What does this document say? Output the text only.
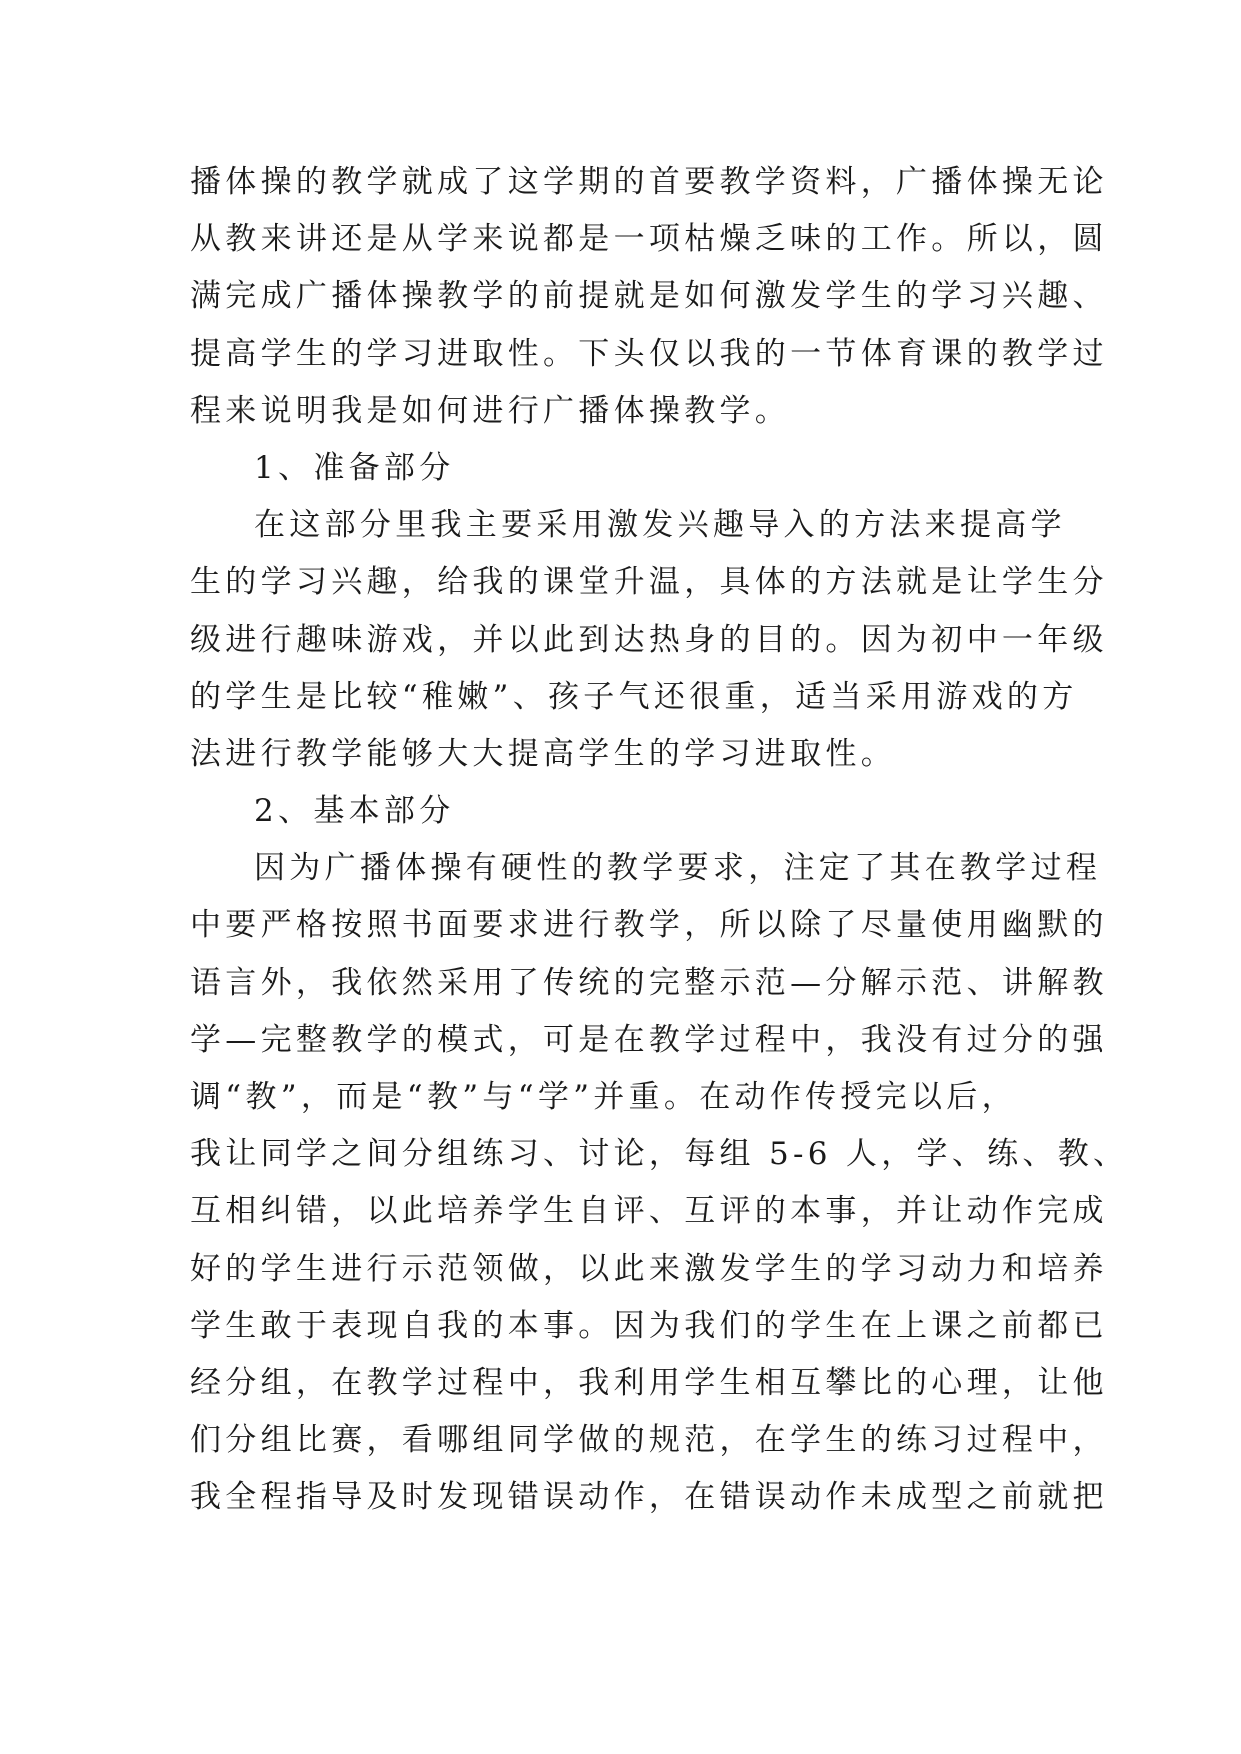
播体操的教学就成了这学期的首要教学资料，广播体操无论
从教来讲还是从学来说都是一项枯燥乏味的工作。所以，圆
满完成广播体操教学的前提就是如何激发学生的学习兴趣、
提高学生的学习进取性。下头仅以我的一节体育课的教学过
程来说明我是如何进行广播体操教学。
1、准备部分
在这部分里我主要采用激发兴趣导入的方法来提高学
生的学习兴趣，给我的课堂升温，具体的方法就是让学生分
级进行趣味游戏，并以此到达热身的目的。因为初中一年级
的学生是比较“稚嫩”、孩子气还很重，适当采用游戏的方
法进行教学能够大大提高学生的学习进取性。
2、基本部分
因为广播体操有硬性的教学要求，注定了其在教学过程
中要严格按照书面要求进行教学，所以除了尽量使用幽默的
语言外，我依然采用了传统的完整示范—分解示范、讲解教
学—完整教学的模式，可是在教学过程中，我没有过分的强
调“教”，而是“教”与“学”并重。在动作传授完以后，
我让同学之间分组练习、讨论，每组 5-6 人，学、练、教、
互相纠错，以此培养学生自评、互评的本事，并让动作完成
好的学生进行示范领做，以此来激发学生的学习动力和培养
学生敢于表现自我的本事。因为我们的学生在上课之前都已
经分组，在教学过程中，我利用学生相互攀比的心理，让他
们分组比赛，看哪组同学做的规范，在学生的练习过程中，
我全程指导及时发现错误动作，在错误动作未成型之前就把
